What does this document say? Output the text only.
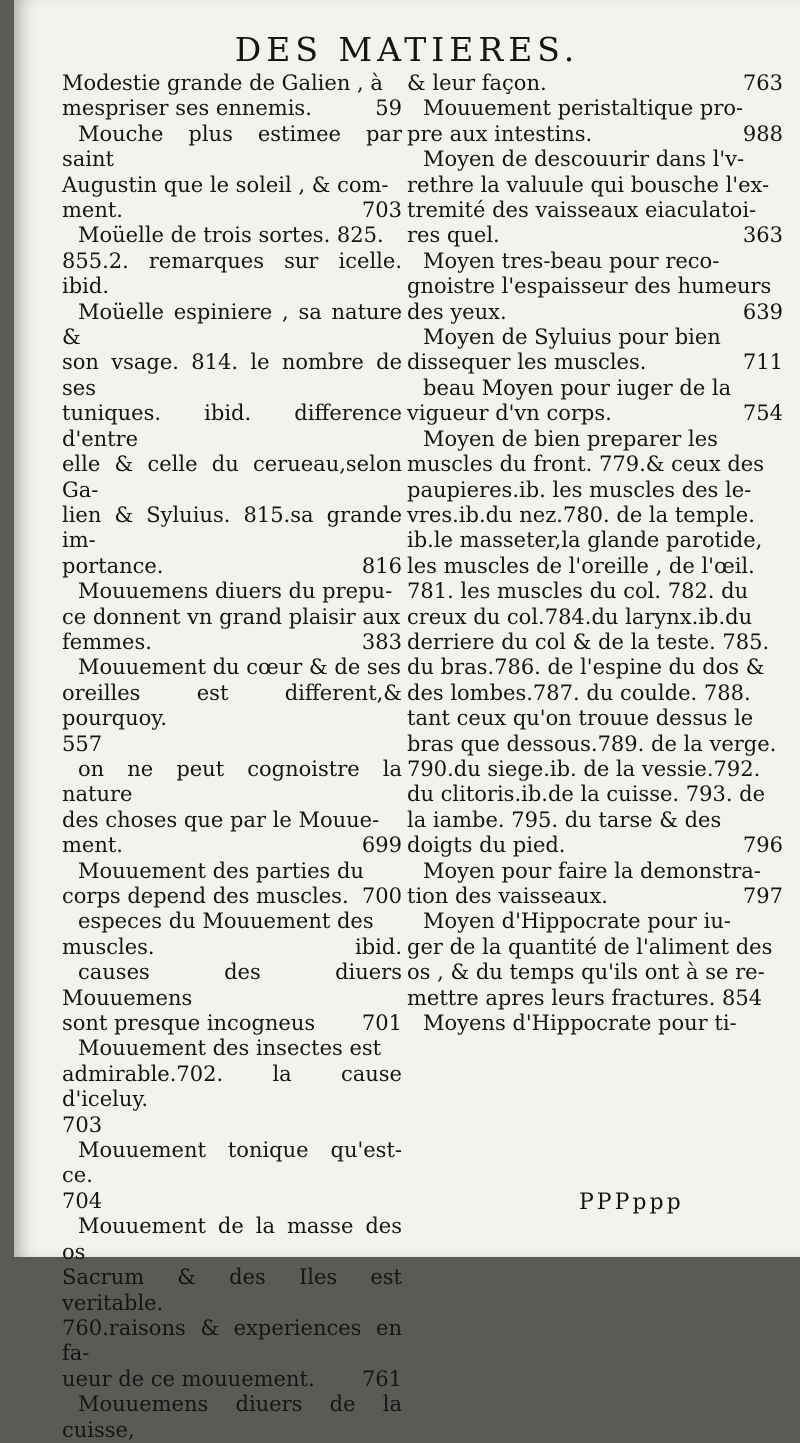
DES MATIERES.

Modestie grande de Galien , à

mespriser ses ennemis.	59

Mouche plus estimee par saint

Augustin que le soleil , & com-

ment.	703

Moüelle de trois sortes. 825.

855.2. remarques sur icelle. ibid.

Moüelle espiniere , sa nature &

son vsage. 814. le nombre de ses

tuniques. ibid. difference d'entre

elle & celle du cerueau,selon Ga-

lien & Syluius. 815.sa grande im-

portance.	816

Mouuemens diuers du prepu-

ce donnent vn grand plaisir aux

femmes.	383

Mouuement du cœur & de ses

oreilles est different,& pourquoy.

557

on ne peut cognoistre la nature

des choses que par le Mouue-

ment.	699

Mouuement des parties du

corps depend des muscles. 700

especes du Mouuement des

muscles.	ibid.

causes des diuers Mouuemens

sont presque incogneus 701

Mouuement des insectes est

admirable.702. la cause d'iceluy.

703

Mouuement tonique qu'est-ce.

704

Mouuement de la masse des os

Sacrum & des Iles est veritable.

760.raisons & experiences en fa-

ueur de ce mouuement. 761

Mouuemens diuers de la cuisse,

& leur façon.	763

Mouuement peristaltique pro-

pre aux intestins.	988

Moyen de descouurir dans l'v-

rethre la valuule qui bousche l'ex-

tremité des vaisseaux eiaculatoi-

res quel.	363

Moyen tres-beau pour reco-

gnoistre l'espaisseur des humeurs

des yeux.	639

Moyen de Syluius pour bien

dissequer les muscles.	711

beau Moyen pour iuger de la

vigueur d'vn corps.	754

Moyen de bien preparer les

muscles du front. 779.& ceux des

paupieres.ib. les muscles des le-

vres.ib.du nez.780. de la temple.

ib.le masseter,la glande parotide,

les muscles de l'oreille , de l'œil.

781. les muscles du col. 782. du

creux du col.784.du larynx.ib.du

derriere du col & de la teste. 785.

du bras.786. de l'espine du dos &

des lombes.787. du coulde. 788.

tant ceux qu'on trouue dessus le

bras que dessous.789. de la verge.

790.du siege.ib. de la vessie.792.

du clitoris.ib.de la cuisse. 793. de

la iambe. 795. du tarse & des

doigts du pied.	796

Moyen pour faire la demonstra-

tion des vaisseaux.	797

Moyen d'Hippocrate pour iu-

ger de la quantité de l'aliment des

os , & du temps qu'ils ont à se re-

mettre apres leurs fractures. 854

Moyens d'Hippocrate pour ti-

PPPppp
